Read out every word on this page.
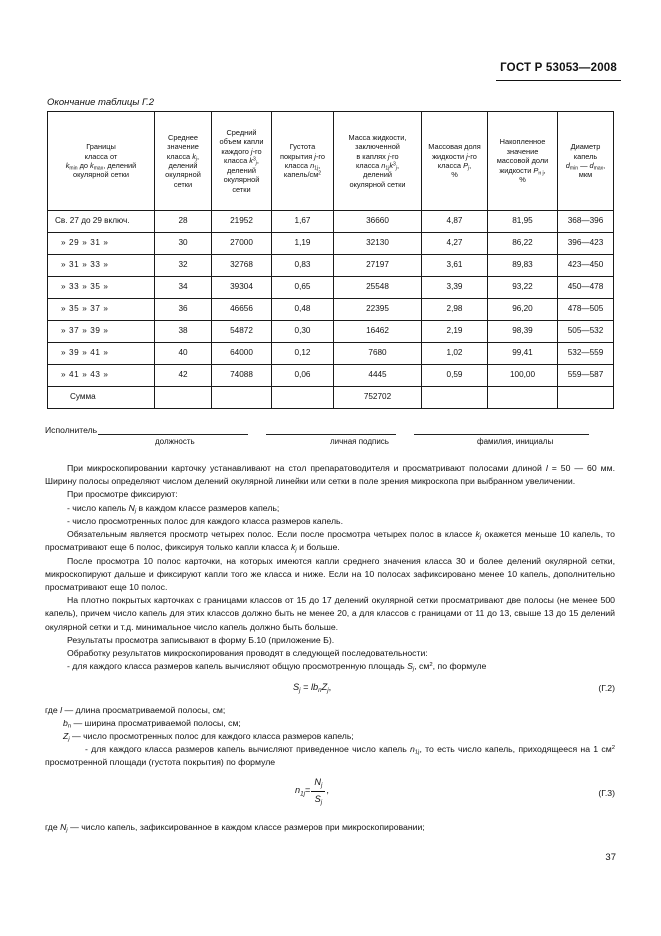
ГОСТ Р 53053—2008
Окончание таблицы Г.2
Границы
класса от
$k_{min}$ до $k_{max}$, делений
окулярной сетки	Среднее
значение
класса $k_j$,
делений
окулярной
сетки	Средний
объем капли
каждого j-го
класса $k^3_j$,
делений
окулярной
сетки	Густота
покрытия j-го
класса $n_{1j}$,
капель/$см^2$	Масса жидкости,
заключенной
в каплях j-го
класса $n_{1j}k^3_j$,
делений
окулярной сетки	Массовая доля
жидкости j-го
класса $P_j$,
%	Накопленное
значение
массовой доли
жидкости $P_{н j}$,
%	Диаметр
капель
$d_{min}$ — $d_{max}$,
мкм
Св. 27 до 29 включ.	28	21952	1,67	36660	4,87	81,95	368—396
» 29 » 31 »	30	27000	1,19	32130	4,27	86,22	396—423
» 31 » 33 »	32	32768	0,83	27197	3,61	89,83	423—450
» 33 » 35 »	34	39304	0,65	25548	3,39	93,22	450—478
» 35 » 37 »	36	46656	0,48	22395	2,98	96,20	478—505
» 37 » 39 »	38	54872	0,30	16462	2,19	98,39	505—532
» 39 » 41 »	40	64000	0,12	7680	1,02	99,41	532—559
» 41 » 43 »	42	74088	0,06	4445	0,59	100,00	559—587
Сумма				752702			
Исполнитель
должность	личная подпись	фамилия, инициалы

При микроскопировании карточку устанавливают на стол препаратоводителя и просматривают полосами длиной l = 50 — 60 мм. Ширину полосы определяют числом делений окулярной линейки или сетки в поле зрения микроскопа при выбранном увеличении.

При просмотре фиксируют:

- число капель $N_j$ в каждом классе размеров капель;

- число просмотренных полос для каждого класса размеров капель.

Обязательным является просмотр четырех полос. Если после просмотра четырех полос в классе $k_j$ окажется меньше 10 капель, то просматривают еще 6 полос, фиксируя только капли класса $k_j$ и больше.

После просмотра 10 полос карточки, на которых имеются капли среднего значения класса 30 и более делений окулярной сетки, микроскопируют дальше и фиксируют капли того же класса и ниже. Если на 10 полосах зафиксировано менее 10 капель, дополнительно просматривают еще 10 полос.

На плотно покрытых карточках с границами классов от 15 до 17 делений окулярной сетки просматривают две полосы (не менее 500 капель), причем число капель для этих классов должно быть не менее 20, а для классов с границами от 11 до 13, свыше 13 до 15 делений окулярной сетки и т.д. минимальное число капель должно быть больше.

Результаты просмотра записывают в форму Б.10 (приложение Б).

Обработку результатов микроскопирования проводят в следующей последовательности:

- для каждого класса размеров капель вычисляют общую просмотренную площадь $S_j$, $см^2$, по формуле

$S_j = lb_пZ_j$,	(Г.2)

где l — длина просматриваемой полосы, см;

$b_п$ — ширина просматриваемой полосы, см;

$Z_j$ — число просмотренных полос для каждого класса размеров капель;

- для каждого класса размеров капель вычисляют приведенное число капель $n_{1j}$, то есть число капель, приходящееся на 1 $см^2$ просмотренной площади (густота покрытия) по формуле

$n_{1j}= \frac{N_j}{S_j}$ ,	(Г.3)

где $N_j$ — число капель, зафиксированное в каждом классе размеров при микроскопировании;

37
